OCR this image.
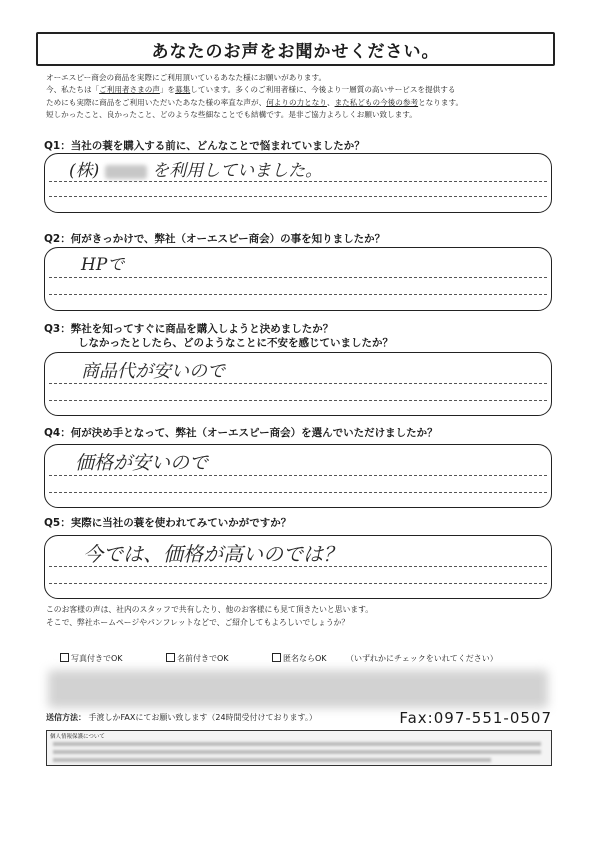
あなたのお声をお聞かせください。

オーエスピー商会の商品を実際にご利用頂いているあなた様にお願いがあります。

今、私たちは「ご利用者さまの声」を募集しています。多くのご利用者様に、今後より一層質の高いサービスを提供する

ためにも実際に商品をご利用いただいたあなた様の率直な声が、何よりの力となり、また私どもの今後の参考となります。

短しかったこと、良かったこと、どのような些細なことでも結構です。是非ご協力よろしくお願い致します。

Q1：当社の蓑を購入する前に、どんなことで悩まれていましたか？
(株)	を利用していました。
Q2：何がきっかけで、弊社（オーエスピー商会）の事を知りましたか？
HPで
Q3：弊社を知ってすぐに商品を購入しようと決めましたか？
しなかったとしたら、どのようなことに不安を感じていましたか？
商品代が安いので
Q4：何が決め手となって、弊社（オーエスピー商会）を選んでいただけましたか？
価格が安いので
Q5：実際に当社の蓑を使われてみていかがですか？
今では、価格が高いのでは？

このお客様の声は、社内のスタッフで共有したり、他のお客様にも見て頂きたいと思います。

そこで、弊社ホームページやパンフレットなどで、ご紹介してもよろしいでしょうか？

写真付きでOK	名前付きでOK	匿名ならOK （いずれかにチェックをいれてください）
送信方法： 手渡しかFAXにてお願い致します（24時間受付けております。）	Fax:097-551-0507
個人情報保護について
